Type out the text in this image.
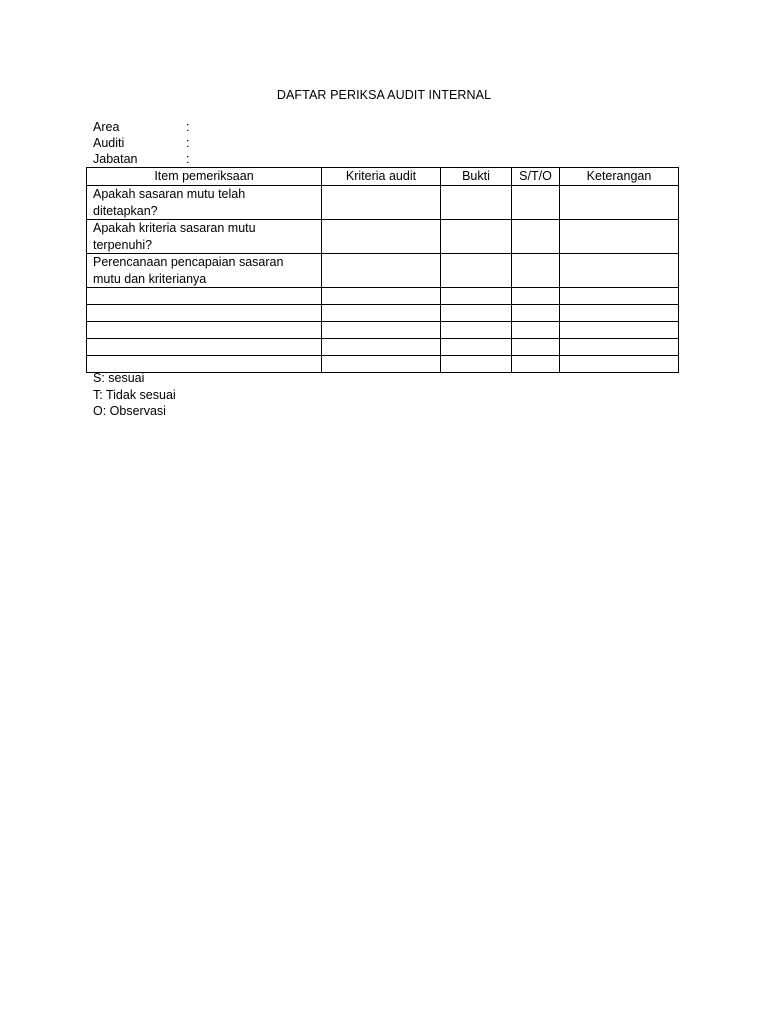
DAFTAR PERIKSA AUDIT INTERNAL
Area	:
Auditi	:
Jabatan	:
Item pemeriksaan	Kriteria audit	Bukti	S/T/O	Keterangan

Apakah sasaran mutu telah
ditetapkan?				

Apakah kriteria sasaran mutu
terpenuhi?				

Perencanaan pencapaian sasaran
mutu dan kriterianya				

S: sesuai
T: Tidak sesuai
O: Observasi
